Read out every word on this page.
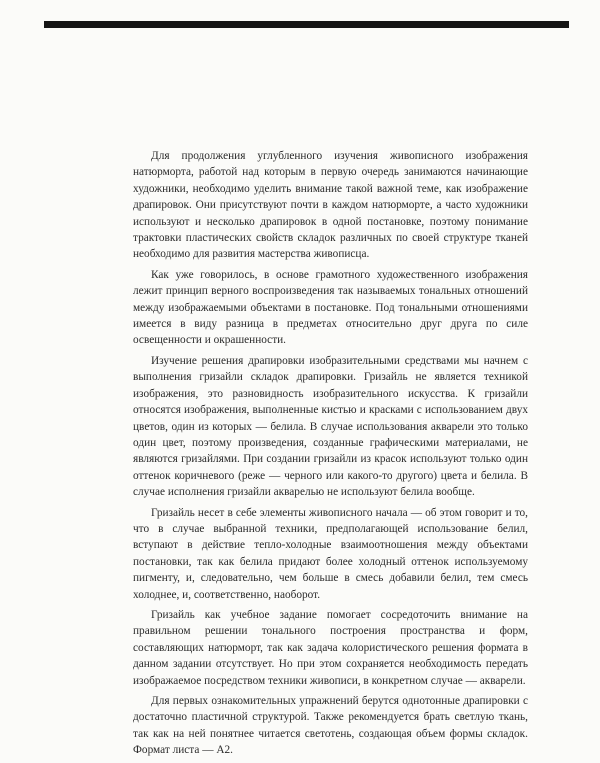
Для продолжения углубленного изучения живописного изображения натюрморта, работой над которым в первую очередь занимаются начинающие художники, необходимо уделить внимание такой важной теме, как изображение драпировок. Они присутствуют почти в каждом натюрморте, а часто художники используют и несколько драпировок в одной постановке, поэтому понимание трактовки пластических свойств складок различных по своей структуре тканей необходимо для развития мастерства живописца.

Как уже говорилось, в основе грамотного художественного изображения лежит принцип верного воспроизведения так называемых тональных отношений между изображаемыми объектами в постановке. Под тональными отношениями имеется в виду разница в предметах относительно друг друга по силе освещенности и окрашенности.

Изучение решения драпировки изобразительными средствами мы начнем с выполнения гризайли складок драпировки. Гризайль не является техникой изображения, это разновидность изобразительного искусства. К гризайли относятся изображения, выполненные кистью и красками с использованием двух цветов, один из которых — белила. В случае использования акварели это только один цвет, поэтому произведения, созданные графическими материалами, не являются гризайлями. При создании гризайли из красок используют только один оттенок коричневого (реже — черного или какого-то другого) цвета и белила. В случае исполнения гризайли акварелью не используют белила вообще.

Гризайль несет в себе элементы живописного начала — об этом говорит и то, что в случае выбранной техники, предполагающей использование белил, вступают в действие тепло-холодные взаимоотношения между объектами постановки, так как белила придают более холодный оттенок используемому пигменту, и, следовательно, чем больше в смесь добавили белил, тем смесь холоднее, и, соответственно, наоборот.

Гризайль как учебное задание помогает сосредоточить внимание на правильном решении тонального построения пространства и форм, составляющих натюрморт, так как задача колористического решения формата в данном задании отсутствует. Но при этом сохраняется необходимость передать изображаемое посредством техники живописи, в конкретном случае — акварели.

Для первых ознакомительных упражнений берутся однотонные драпировки с достаточно пластичной структурой. Также рекомендуется брать светлую ткань, так как на ней понятнее читается светотень, создающая объем формы складок. Формат листа — А2.
